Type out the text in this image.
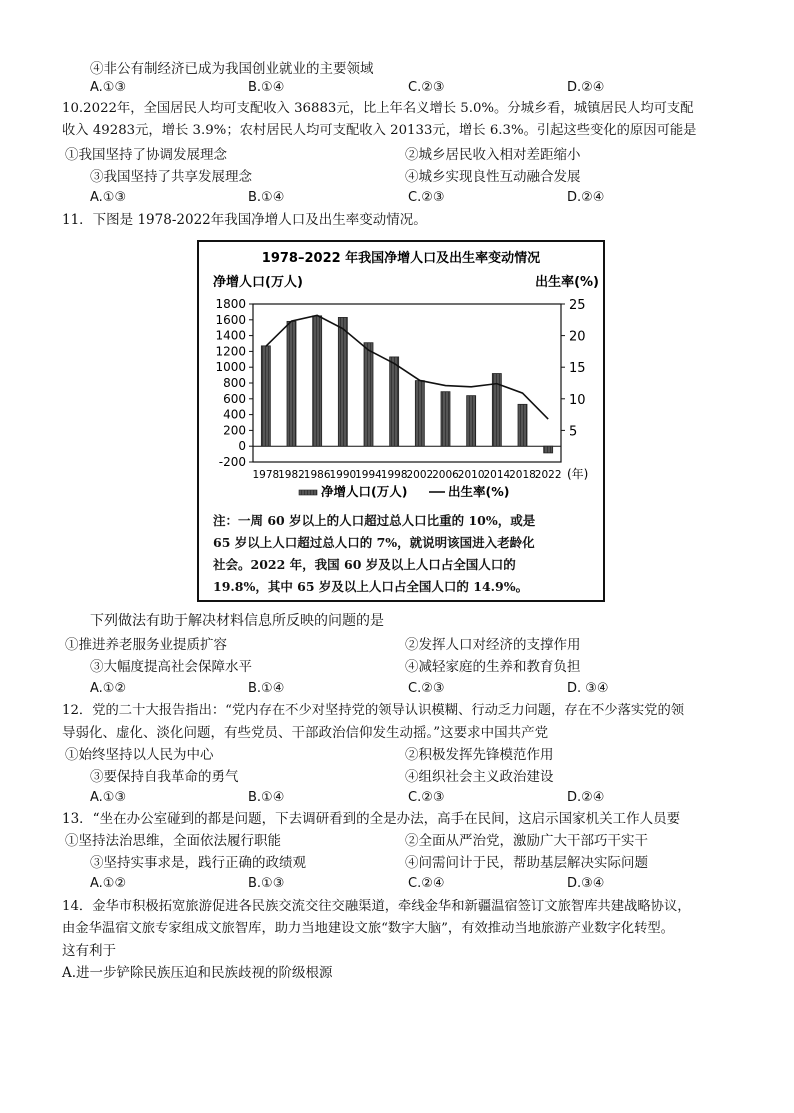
④非公有制经济已成为我国创业就业的主要领域
A.①③	B.①④	C.②③	D.②④
10.2022年，全国居民人均可支配收入 36883元，比上年名义增长 5.0%。分城乡看，城镇居民人均可支配
收入 49283元，增长 3.9%；农村居民人均可支配收入 20133元，增长 6.3%。引起这些变化的原因可能是
①我国坚持了协调发展理念	②城乡居民收入相对差距缩小
③我国坚持了共享发展理念	④城乡实现良性互动融合发展
A.①③	B.①④	C.②③	D.②④
11．下图是 1978-2022年我国净增人口及出生率变动情况。
1978–2022 年我国净增人口及出生率变动情况
净增人口(万人)	出生率(%)
1800
1600
1400
1200
1000
800
600
400
200
0
-200
25
20
15
10
5
1978
1982
1986
1990
1994
1998
2002
2006
2010
2014
2018
2022 (年)
净增人口(万人)	出生率(%)
注：一周 60 岁以上的人口超过总人口比重的 10%，或是
65 岁以上人口超过总人口的 7%，就说明该国进入老龄化
社会。2022 年，我国 60 岁及以上人口占全国人口的
19.8%，其中 65 岁及以上人口占全国人口的 14.9%。
下列做法有助于解决材料信息所反映的问题的是
①推进养老服务业提质扩容	②发挥人口对经济的支撑作用
③大幅度提高社会保障水平	④减轻家庭的生养和教育负担
A.①②	B.①④	C.②③	D. ③④
12．党的二十大报告指出：“党内存在不少对坚持党的领导认识模糊、行动乏力问题，存在不少落实党的领
导弱化、虚化、淡化问题，有些党员、干部政治信仰发生动摇。”这要求中国共产党
①始终坚持以人民为中心	②积极发挥先锋模范作用
③要保持自我革命的勇气	④组织社会主义政治建设
A.①③	B.①④	C.②③	D.②④
13．“坐在办公室碰到的都是问题，下去调研看到的全是办法，高手在民间，这启示国家机关工作人员要
①坚持法治思维，全面依法履行职能	②全面从严治党，激励广大干部巧干实干
③坚持实事求是，践行正确的政绩观	④问需问计于民，帮助基层解决实际问题
A.①②	B.①③	C.②④	D.③④
14．金华市积极拓宽旅游促进各民族交流交往交融渠道，牵线金华和新疆温宿签订文旅智库共建战略协议，
由金华温宿文旅专家组成文旅智库，助力当地建设文旅“数字大脑”，有效推动当地旅游产业数字化转型。
这有利于
A.进一步铲除民族压迫和民族歧视的阶级根源
